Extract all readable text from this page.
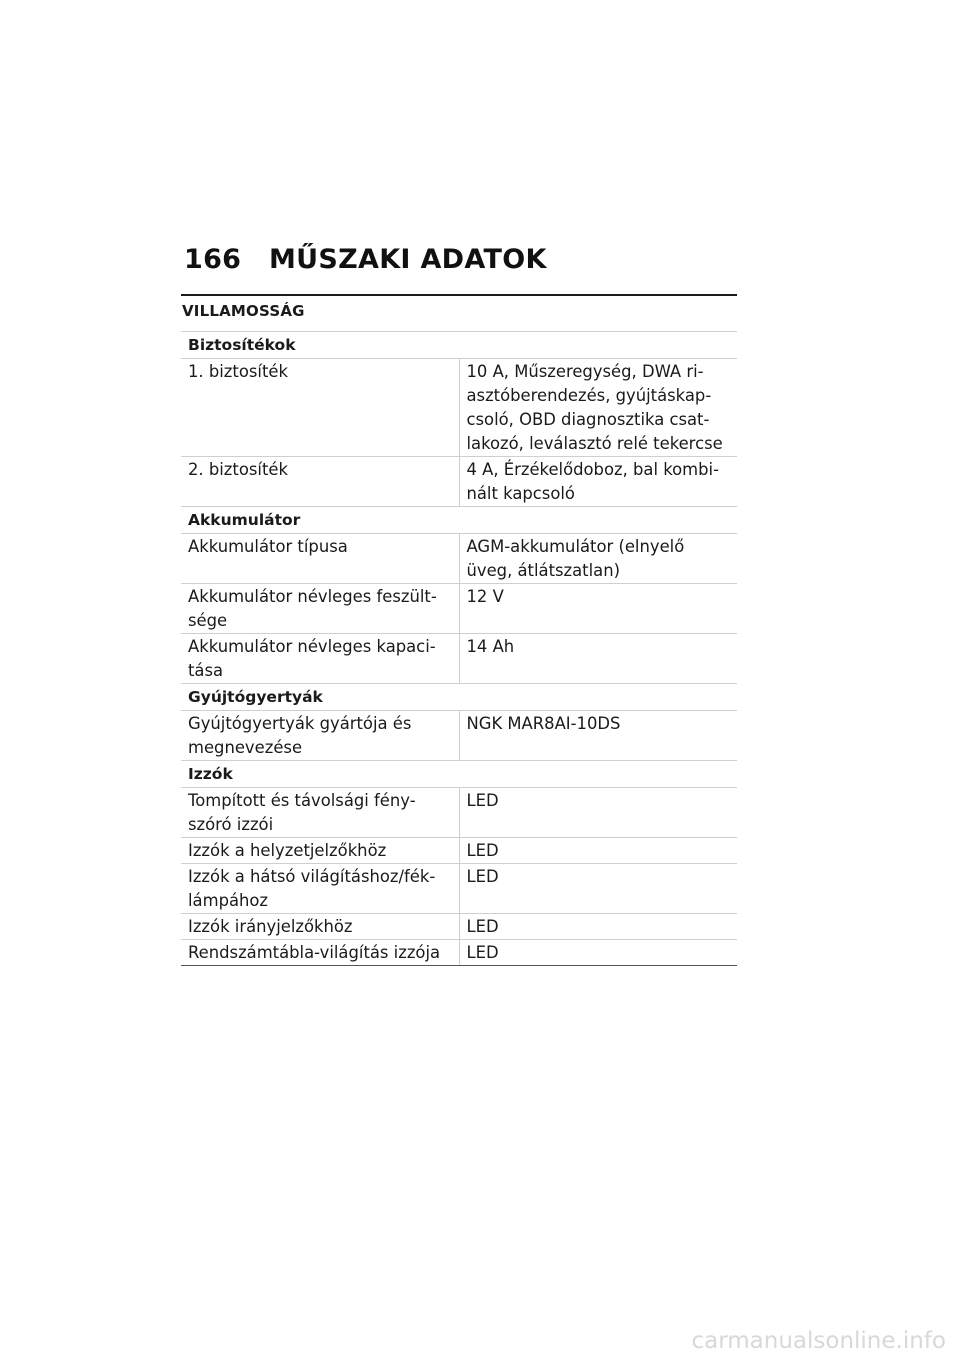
166	MŰSZAKI ADATOK
VILLAMOSSÁG
Biztosítékok	
1. biztosíték	10 A, Műszeregység, DWA ri-
asztóberendezés, gyújtáskap-
csoló, OBD diagnosztika csat-
lakozó, leválasztó relé tekercse
2. biztosíték	4 A, Érzékelődoboz, bal kombi-
nált kapcsoló
Akkumulátor	
Akkumulátor típusa	AGM-akkumulátor (elnyelő
üveg, átlátszatlan)
Akkumulátor névleges feszült-
sége	12 V
Akkumulátor névleges kapaci-
tása	14 Ah
Gyújtógyertyák	
Gyújtógyertyák gyártója és
megnevezése	NGK MAR8AI-10DS
Izzók	
Tompított és távolsági fény-
szóró izzói	LED
Izzók a helyzetjelzőkhöz	LED
Izzók a hátsó világításhoz/fék-
lámpához	LED
Izzók irányjelzőkhöz	LED
Rendszámtábla-világítás izzója	LED
carmanualsonline.info
